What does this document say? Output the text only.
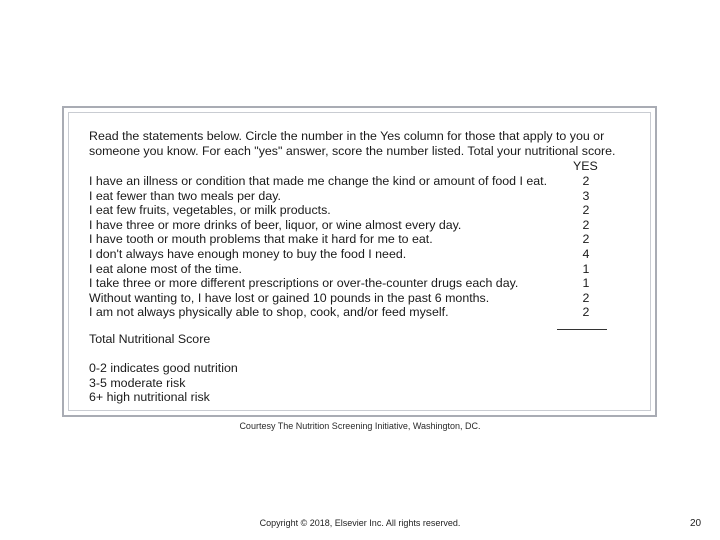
Read the statements below. Circle the number in the Yes column for those that apply to you or someone you know. For each "yes" answer, score the number listed. Total your nutritional score.

YES
I have an illness or condition that made me change the kind or amount of food I eat.	2
I eat fewer than two meals per day.	3
I eat few fruits, vegetables, or milk products.	2
I have three or more drinks of beer, liquor, or wine almost every day.	2
I have tooth or mouth problems that make it hard for me to eat.	2
I don't always have enough money to buy the food I need.	4
I eat alone most of the time.	1
I take three or more different prescriptions or over-the-counter drugs each day.	1
Without wanting to, I have lost or gained 10 pounds in the past 6 months.	2
I am not always physically able to shop, cook, and/or feed myself.	2
Total Nutritional Score
0-2 indicates good nutrition
3-5 moderate risk
6+ high nutritional risk
Courtesy The Nutrition Screening Initiative, Washington, DC.
Copyright © 2018, Elsevier Inc. All rights reserved.	20
